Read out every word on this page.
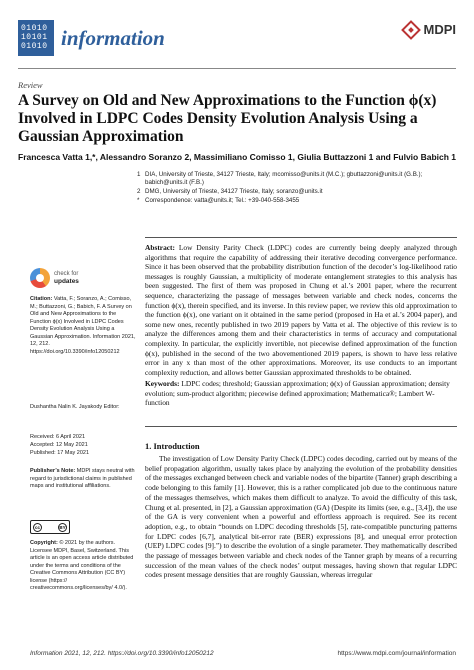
01010
10101
01010 information	MDPI
Review
A Survey on Old and New Approximations to the Function ϕ(x) Involved in LDPC Codes Density Evolution Analysis Using a Gaussian Approximation
Francesca Vatta 1,*, Alessandro Soranzo 2, Massimiliano Comisso 1, Giulia Buttazzoni 1 and Fulvio Babich 1
1 DIA, University of Trieste, 34127 Trieste, Italy; mcomisso@units.it (M.C.); gbuttazzoni@units.it (G.B.); babich@units.it (F.B.)
2 DMG, University of Trieste, 34127 Trieste, Italy; soranzo@units.it
* Correspondence: vatta@units.it; Tel.: +39-040-558-3455
Abstract: Low Density Parity Check (LDPC) codes are currently being deeply analyzed through algorithms that require the capability of addressing their iterative decoding convergence performance. Since it has been observed that the probability distribution function of the decoder’s log-likelihood ratio messages is roughly Gaussian, a multiplicity of moderate entanglement strategies to this analysis has been suggested. The first of them was proposed in Chung et al.’s 2001 paper, where the recurrent sequence, characterizing the passage of messages between variable and check nodes, concerns the function ϕ(x), therein specified, and its inverse. In this review paper, we review this old approximation to the function ϕ(x), one variant on it obtained in the same period (proposed in Ha et al.’s 2004 paper), and some new ones, recently published in two 2019 papers by Vatta et al. The objective of this review is to analyze the differences among them and their characteristics in terms of accuracy and computational complexity. In particular, the explicitly invertible, not piecewise defined approximation of the function ϕ(x), published in the second of the two abovementioned 2019 papers, is shown to have less relative error in any x than most of the other approximations. Moreover, its use conducts to an important complexity reduction, and allows better Gaussian approximated thresholds to be obtained.
Keywords: LDPC codes; threshold; Gaussian approximation; ϕ(x) of Gaussian approximation; density evolution; sum-product algorithm; piecewise defined approximation; Mathematica®; Lambert W-function
check for
updates
Citation: Vatta, F.; Soranzo, A.; Comisso, M.; Buttazzoni, G.; Babich, F. A Survey on Old and New Approximations to the Function ϕ(x) Involved in LDPC Codes Density Evolution Analysis Using a Gaussian Approximation. Information 2021, 12, 212. https://doi.org/10.3390/info12050212
Dushantha Nalin K. Jayakody Editor:
Received: 6 April 2021
Accepted: 12 May 2021
Published: 17 May 2021
Publisher’s Note: MDPI stays neutral with regard to jurisdictional claims in published maps and institutional affiliations.
cc	BY
Copyright: © 2021 by the authors. Licensee MDPI, Basel, Switzerland. This article is an open access article distributed under the terms and conditions of the Creative Commons Attribution (CC BY) license (https:// creativecommons.org/licenses/by/ 4.0/).
1. Introduction
The investigation of Low Density Parity Check (LDPC) codes decoding, carried out by means of the belief propagation algorithm, usually takes place by analyzing the evolution of the probability densities of the messages exchanged between check and variable nodes of the bipartite (Tanner) graph describing a code belonging to this family [1]. However, this is a rather complicated job due to the continuous nature of the messages themselves, which makes them difficult to analyze. To avoid the difficulty of this task, Chung et al. presented, in [2], a Gaussian approximation (GA) (Despite its limits (see, e.g., [3,4]), the use of the GA is very convenient when a powerful and effortless approach is required. See its recent adoption, e.g., to obtain “bounds on LDPC decoding thresholds [5], rate-compatible puncturing patterns for LDPC codes [6,7], analytical bit-error rate (BER) expressions [8], and unequal error protection (UEP) LDPC codes [9].”) to describe the evolution of a single parameter. They mathematically described the passage of messages between variable and check nodes of the Tanner graph by means of a recurring succession of the mean values of the check nodes’ output messages, having shown that regular LDPC codes present message densities that are roughly Gaussian, whereas irregular
Information 2021, 12, 212. https://doi.org/10.3390/info12050212	https://www.mdpi.com/journal/information
